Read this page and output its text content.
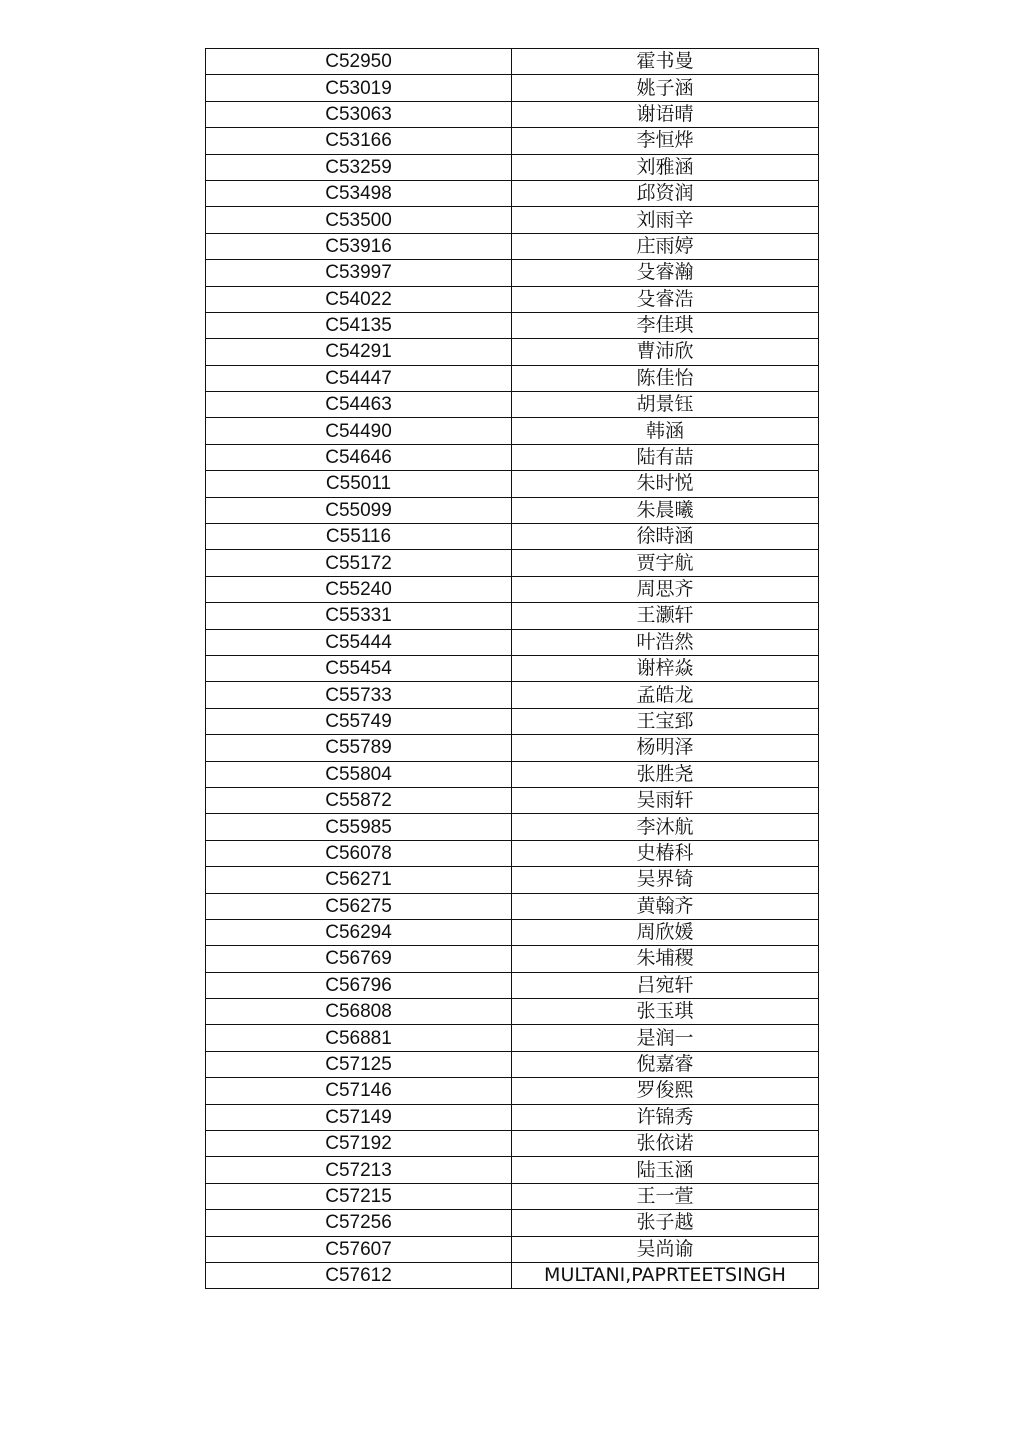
C52950	霍书曼
C53019	姚子涵
C53063	谢语晴
C53166	李恒烨
C53259	刘雅涵
C53498	邱资润
C53500	刘雨辛
C53916	庄雨婷
C53997	殳睿瀚
C54022	殳睿浩
C54135	李佳琪
C54291	曹沛欣
C54447	陈佳怡
C54463	胡景钰
C54490	韩涵
C54646	陆有喆
C55011	朱时悦
C55099	朱晨曦
C55116	徐時涵
C55172	贾宇航
C55240	周思齐
C55331	王灏轩
C55444	叶浩然
C55454	谢梓焱
C55733	孟皓龙
C55749	王宝郅
C55789	杨明泽
C55804	张胜尧
C55872	吴雨轩
C55985	李沐航
C56078	史椿科
C56271	吴界锜
C56275	黄翰齐
C56294	周欣媛
C56769	朱埔稷
C56796	吕宛轩
C56808	张玉琪
C56881	是润一
C57125	倪嘉睿
C57146	罗俊熙
C57149	许锦秀
C57192	张依诺
C57213	陆玉涵
C57215	王一萱
C57256	张子越
C57607	吴尚谕
C57612	MULTANI,PAPRTEETSINGH
